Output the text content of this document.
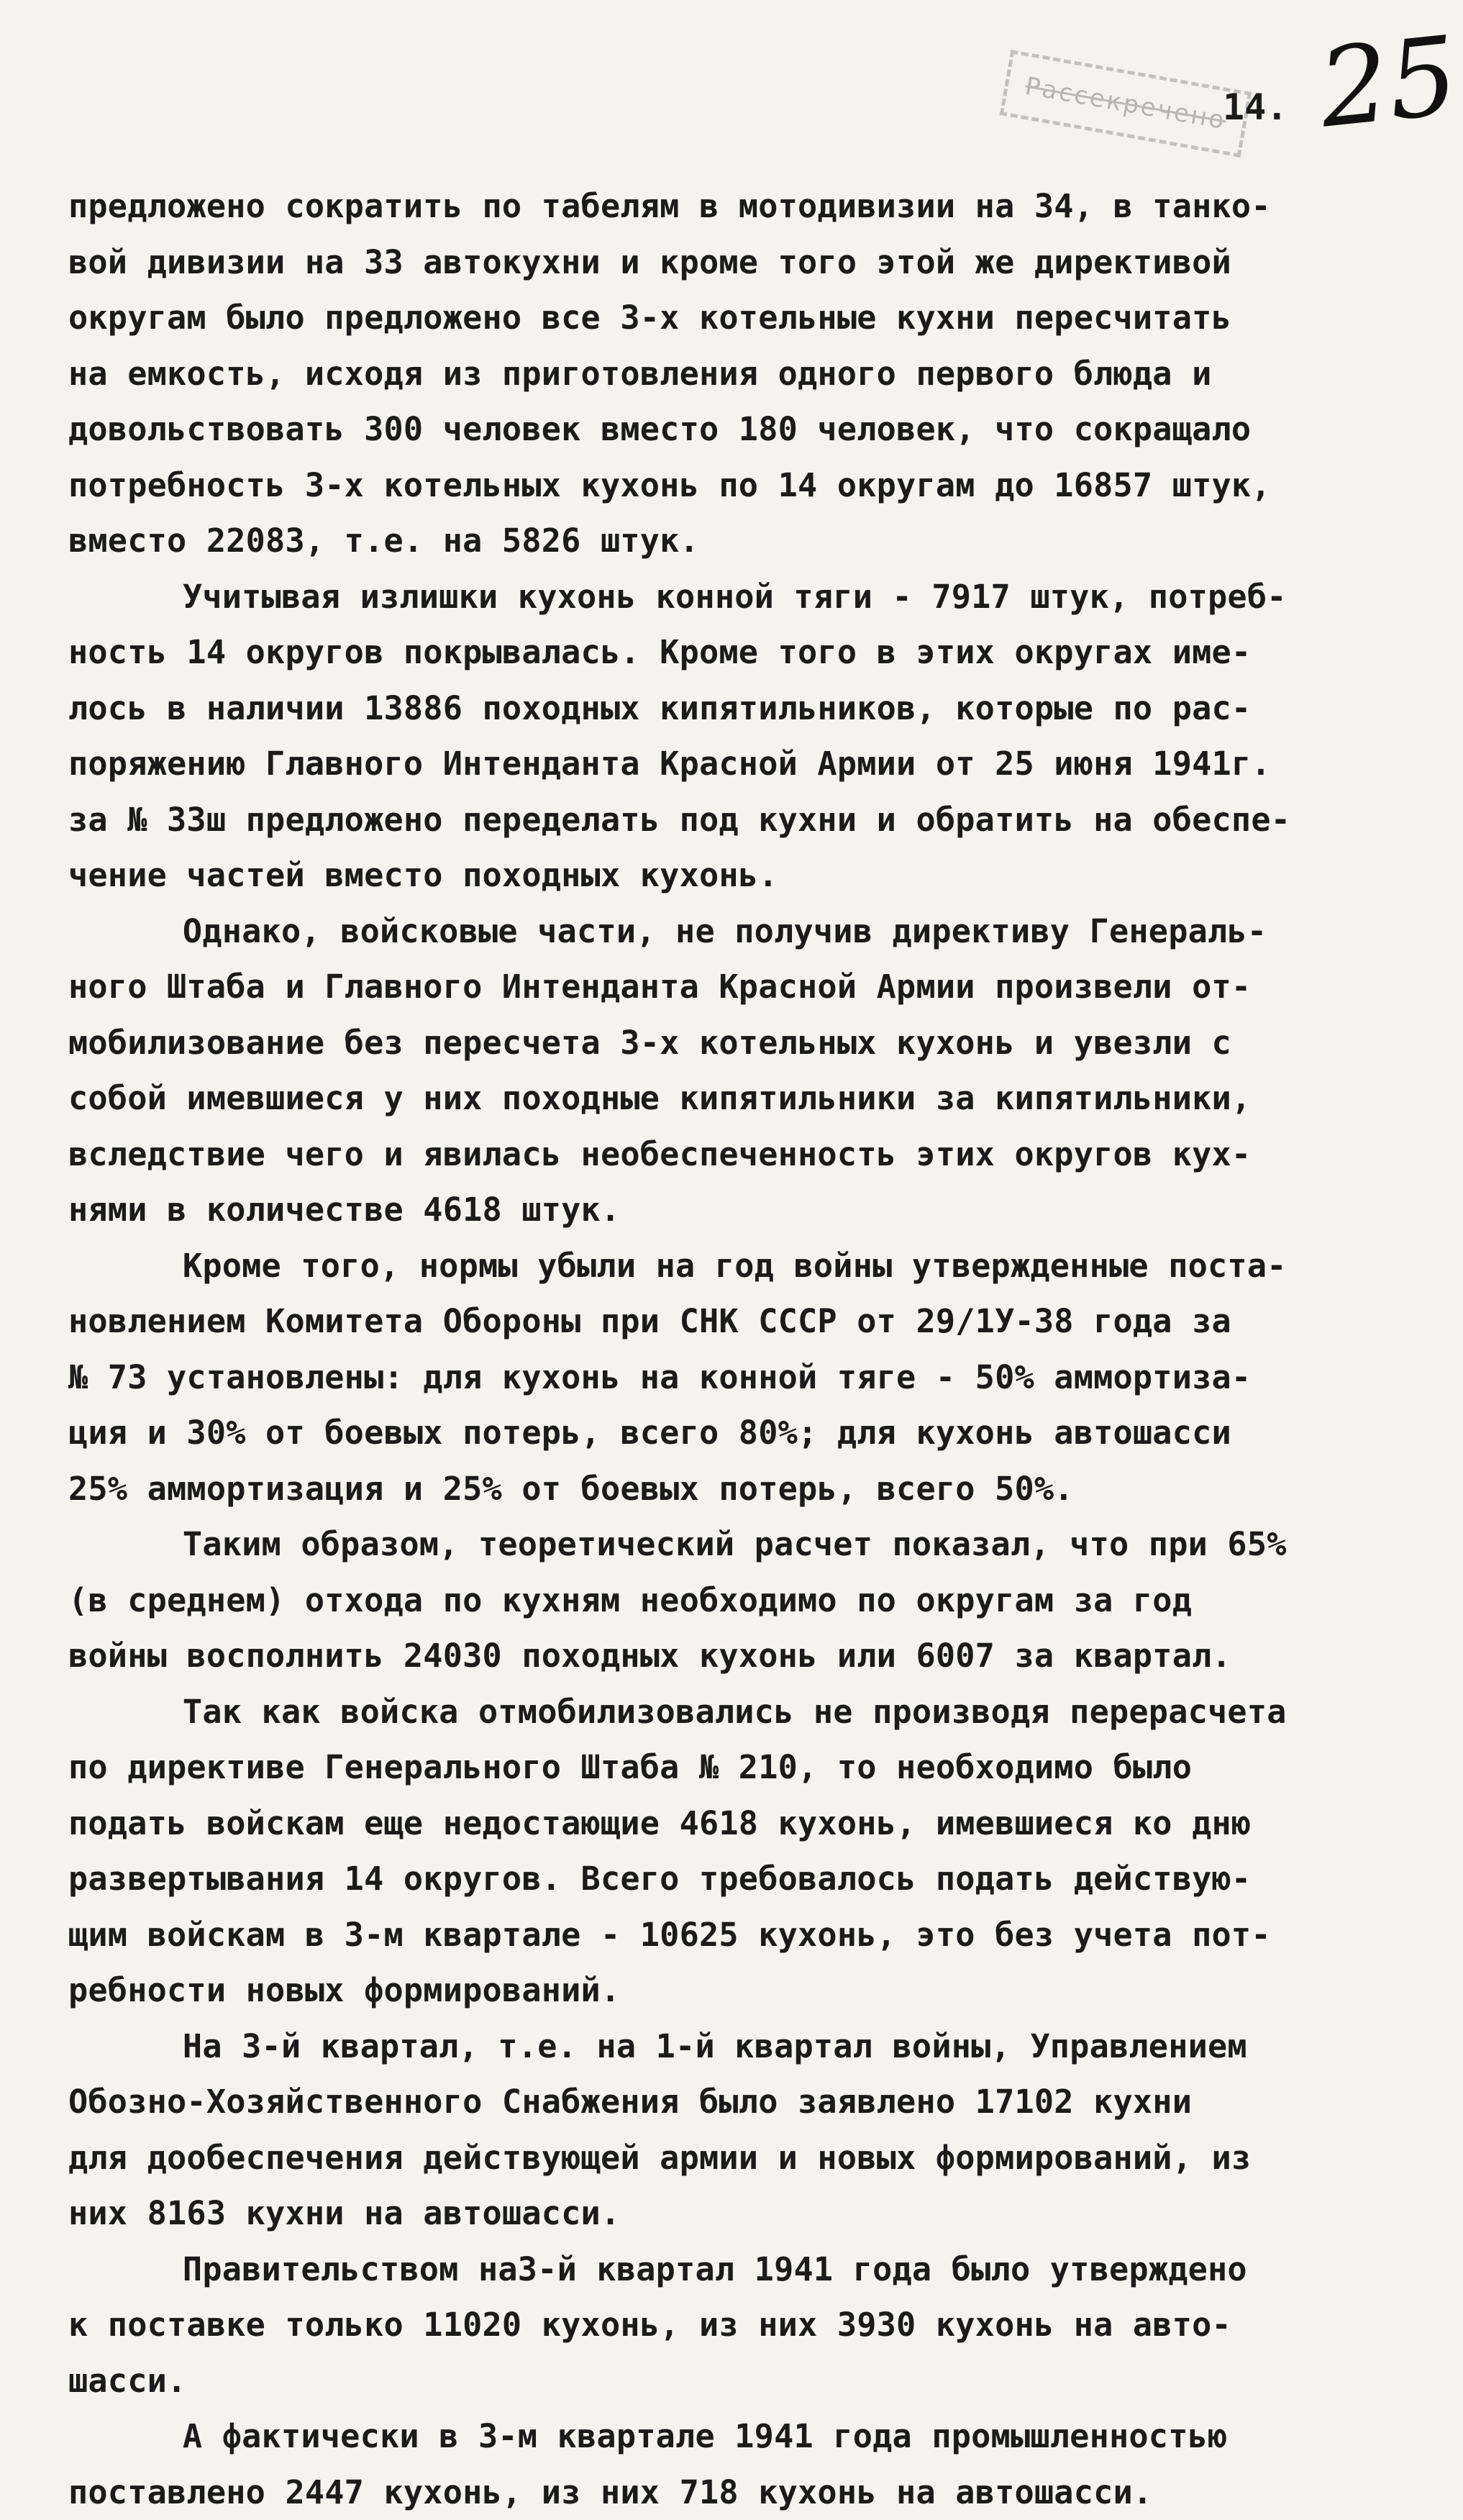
Рассекречено
14. 25
предложено сократить по табелям в мотодивизии на 34, в танко-
вой дивизии на 33 автокухни и кроме того этой же директивой
округам было предложено все 3-х котельные кухни пересчитать
на емкость, исходя из приготовления одного первого блюда и
довольствовать 300 человек вместо 180 человек, что сокращало
потребность 3-х котельных кухонь по 14 округам до 16857 штук,
вместо 22083, т.е. на 5826 штук.
Учитывая излишки кухонь конной тяги - 7917 штук, потреб-
ность 14 округов покрывалась. Кроме того в этих округах име-
лось в наличии 13886 походных кипятильников, которые по рас-
поряжению Главного Интенданта Красной Армии от 25 июня 1941г.
за № 33ш предложено переделать под кухни и обратить на обеспе-
чение частей вместо походных кухонь.
Однако, войсковые части, не получив директиву Генераль-
ного Штаба и Главного Интенданта Красной Армии произвели от-
мобилизование без пересчета 3-х котельных кухонь и увезли с
собой имевшиеся у них походные кипятильники за кипятильники,
вследствие чего и явилась необеспеченность этих округов кух-
нями в количестве 4618 штук.
Кроме того, нормы убыли на год войны утвержденные поста-
новлением Комитета Обороны при СНК СССР от 29/1У-38 года за
№ 73 установлены: для кухонь на конной тяге - 50% аммортиза-
ция и 30% от боевых потерь, всего 80%; для кухонь автошасси
25% аммортизация и 25% от боевых потерь, всего 50%.
Таким образом, теоретический расчет показал, что при 65%
(в среднем) отхода по кухням необходимо по округам за год
войны восполнить 24030 походных кухонь или 6007 за квартал.
Так как войска отмобилизовались не производя перерасчета
по директиве Генерального Штаба № 210, то необходимо было
подать войскам еще недостающие 4618 кухонь, имевшиеся ко дню
развертывания 14 округов. Всего требовалось подать действую-
щим войскам в 3-м квартале - 10625 кухонь, это без учета пот-
ребности новых формирований.
На 3-й квартал, т.е. на 1-й квартал войны, Управлением
Обозно-Хозяйственного Снабжения было заявлено 17102 кухни
для дообеспечения действующей армии и новых формирований, из
них 8163 кухни на автошасси.
Правительством на3-й квартал 1941 года было утверждено
к поставке только 11020 кухонь, из них 3930 кухонь на авто-
шасси.
А фактически в 3-м квартале 1941 года промышленностью
поставлено 2447 кухонь, из них 718 кухонь на автошасси.
